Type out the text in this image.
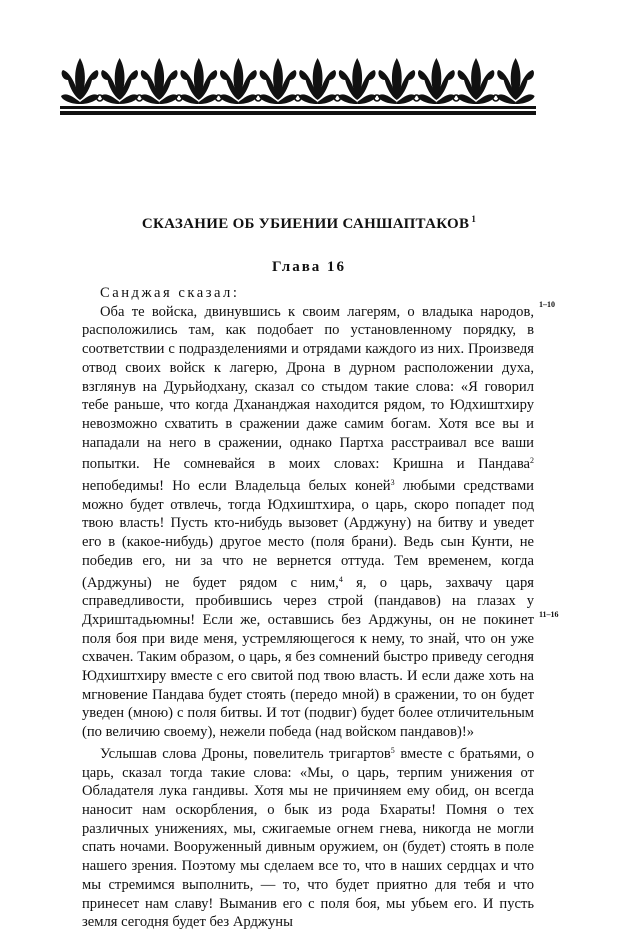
СКАЗАНИЕ ОБ УБИЕНИИ САНШАПТАКОВ $^1$
Глава 16

Санджая сказал:

Оба те войска, двинувшись к своим лагерям, о владыка народов, расположились там, как подобает по установленному порядку, в соответствии с подразделениями и отрядами каждого из них. Произведя отвод своих войск к лагерю, Дрона в дурном расположении духа, взглянув на Дурьйодхану, сказал со стыдом такие слова: «Я говорил тебе раньше, что когда Дхананджая находится рядом, то Юдхиштхиру невозможно схватить в сражении даже самим богам. Хотя все вы и нападали на него в сражении, однако Партха расстраивал все ваши попытки. Не сомневайся в моих словах: Кришна и Пандава$^2$ непобедимы! Но если Владельца белых коней$^3$ любыми средствами можно будет отвлечь, тогда Юдхиштхира, о царь, скоро попадет под твою власть! Пусть кто-нибудь вызовет (Арджуну) на битву и уведет его в (какое-нибудь) другое место (поля брани). Ведь сын Кунти, не победив его, ни за что не вернется оттуда. Тем временем, когда (Арджуны) не будет рядом с ним,$^4$ я, о царь, захвачу царя справедливости, пробившись через строй (пандавов) на глазах у Дхриштадьюмны! Если же, оставшись без Арджуны, он не покинет поля боя при виде меня, устремляющегося к нему, то знай, что он уже схвачен. Таким образом, о царь, я без сомнений быстро приведу сегодня Юдхиштхиру вместе с его свитой под твою власть. И если даже хоть на мгновение Пандава будет стоять (передо мной) в сражении, то он будет уведен (мною) с поля битвы. И тот (подвиг) будет более отличительным (по величию своему), нежели победа (над войском пандавов)!»

Услышав слова Дроны, повелитель тригартов$^5$ вместе с братьями, о царь, сказал тогда такие слова: «Мы, о царь, терпим унижения от Обладателя лука гандивы. Хотя мы не причиняем ему обид, он всегда наносит нам оскорбления, о бык из рода Бхараты! Помня о тех различных унижениях, мы, сжигаемые огнем гнева, никогда не могли спать ночами. Вооруженный дивным оружием, он (будет) стоять в поле нашего зрения. Поэтому мы сделаем все то, что в наших сердцах и что мы стремимся выполнить, — то, что будет приятно для тебя и что принесет нам славу! Выманив его с поля боя, мы убьем его. И пусть земля сегодня будет без Арджуны

1–10
11–16
